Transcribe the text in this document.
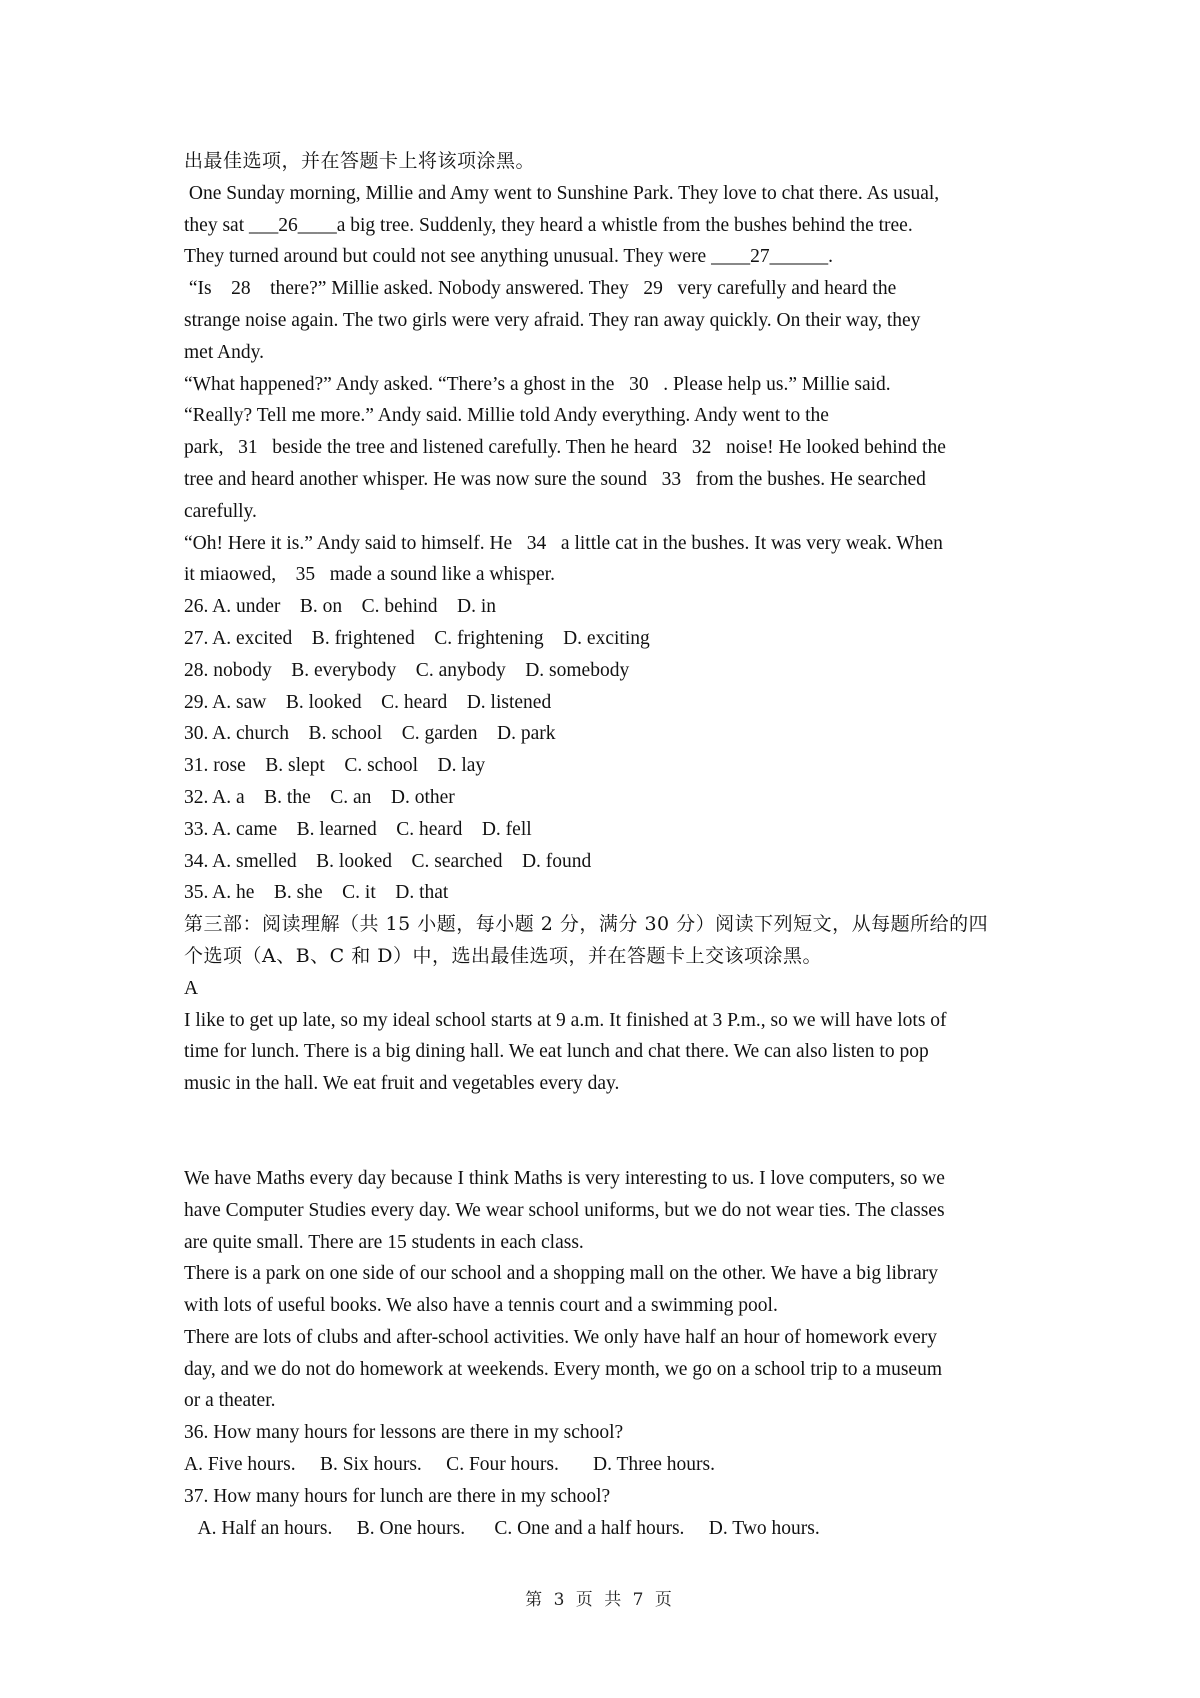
出最佳选项，并在答题卡上将该项涂黑。
One Sunday morning, Millie and Amy went to Sunshine Park. They love to chat there. As usual,
they sat ___26____a big tree. Suddenly, they heard a whistle from the bushes behind the tree.
They turned around but could not see anything unusual. They were ____27______.
“Is    28    there?” Millie asked. Nobody answered. They   29   very carefully and heard the
strange noise again. The two girls were very afraid. They ran away quickly. On their way, they
met Andy.
“What happened?” Andy asked. “There’s a ghost in the   30   . Please help us.” Millie said.
“Really? Tell me more.” Andy said. Millie told Andy everything. Andy went to the
park,   31   beside the tree and listened carefully. Then he heard   32   noise! He looked behind the
tree and heard another whisper. He was now sure the sound   33   from the bushes. He searched
carefully.
“Oh! Here it is.” Andy said to himself. He   34   a little cat in the bushes. It was very weak. When
it miaowed,    35   made a sound like a whisper.
26. A. under    B. on    C. behind    D. in
27. A. excited    B. frightened    C. frightening    D. exciting
28. nobody    B. everybody    C. anybody    D. somebody
29. A. saw    B. looked    C. heard    D. listened
30. A. church    B. school    C. garden    D. park
31. rose    B. slept    C. school    D. lay
32. A. a    B. the    C. an    D. other
33. A. came    B. learned    C. heard    D. fell
34. A. smelled    B. looked    C. searched    D. found
35. A. he    B. she    C. it    D. that
第三部：阅读理解（共 15 小题，每小题 2 分，满分 30 分）阅读下列短文，从每题所给的四
个选项（A、B、C 和 D）中，选出最佳选项，并在答题卡上交该项涂黑。
A
I like to get up late, so my ideal school starts at 9 a.m. It finished at 3 P.m., so we will have lots of
time for lunch. There is a big dining hall. We eat lunch and chat there. We can also listen to pop
music in the hall. We eat fruit and vegetables every day.
We have Maths every day because I think Maths is very interesting to us. I love computers, so we
have Computer Studies every day. We wear school uniforms, but we do not wear ties. The classes
are quite small. There are 15 students in each class.
There is a park on one side of our school and a shopping mall on the other. We have a big library
with lots of useful books. We also have a tennis court and a swimming pool.
There are lots of clubs and after-school activities. We only have half an hour of homework every
day, and we do not do homework at weekends. Every month, we go on a school trip to a museum
or a theater.
36. How many hours for lessons are there in my school?
A. Five hours.     B. Six hours.     C. Four hours.       D. Three hours.
37. How many hours for lunch are there in my school?
A. Half an hours.     B. One hours.      C. One and a half hours.     D. Two hours.
第 3 页 共 7 页
